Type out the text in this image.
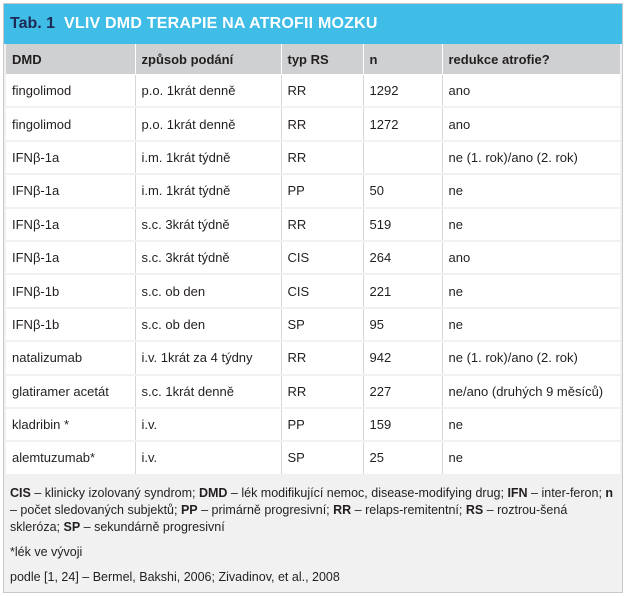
Tab. 1 VLIV DMD TERAPIE NA ATROFII MOZKU
DMD	způsob podání	typ RS	n	redukce atrofie?
fingolimod	p.o. 1krát denně	RR	1292	ano
fingolimod	p.o. 1krát denně	RR	1272	ano
IFNβ-1a	i.m. 1krát týdně	RR		ne (1. rok)/ano (2. rok)
IFNβ-1a	i.m. 1krát týdně	PP	50	ne
IFNβ-1a	s.c. 3krát týdně	RR	519	ne
IFNβ-1a	s.c. 3krát týdně	CIS	264	ano
IFNβ-1b	s.c. ob den	CIS	221	ne
IFNβ-1b	s.c. ob den	SP	95	ne
natalizumab	i.v. 1krát za 4 týdny	RR	942	ne (1. rok)/ano (2. rok)
glatiramer acetát	s.c. 1krát denně	RR	227	ne/ano (druhých 9 měsíců)
kladribin *	i.v.	PP	159	ne
alemtuzumab*	i.v.	SP	25	ne

CIS – klinicky izolovaný syndrom; DMD – lék modifikující nemoc, disease-modifying drug; IFN – inter-feron; n – počet sledovaných subjektů; PP – primárně progresivní; RR – relaps-remitentní; RS – roztrou-šená skleróza; SP – sekundárně progresivní

*lék ve vývoji

podle [1, 24] – Bermel, Bakshi, 2006; Zivadinov, et al., 2008
